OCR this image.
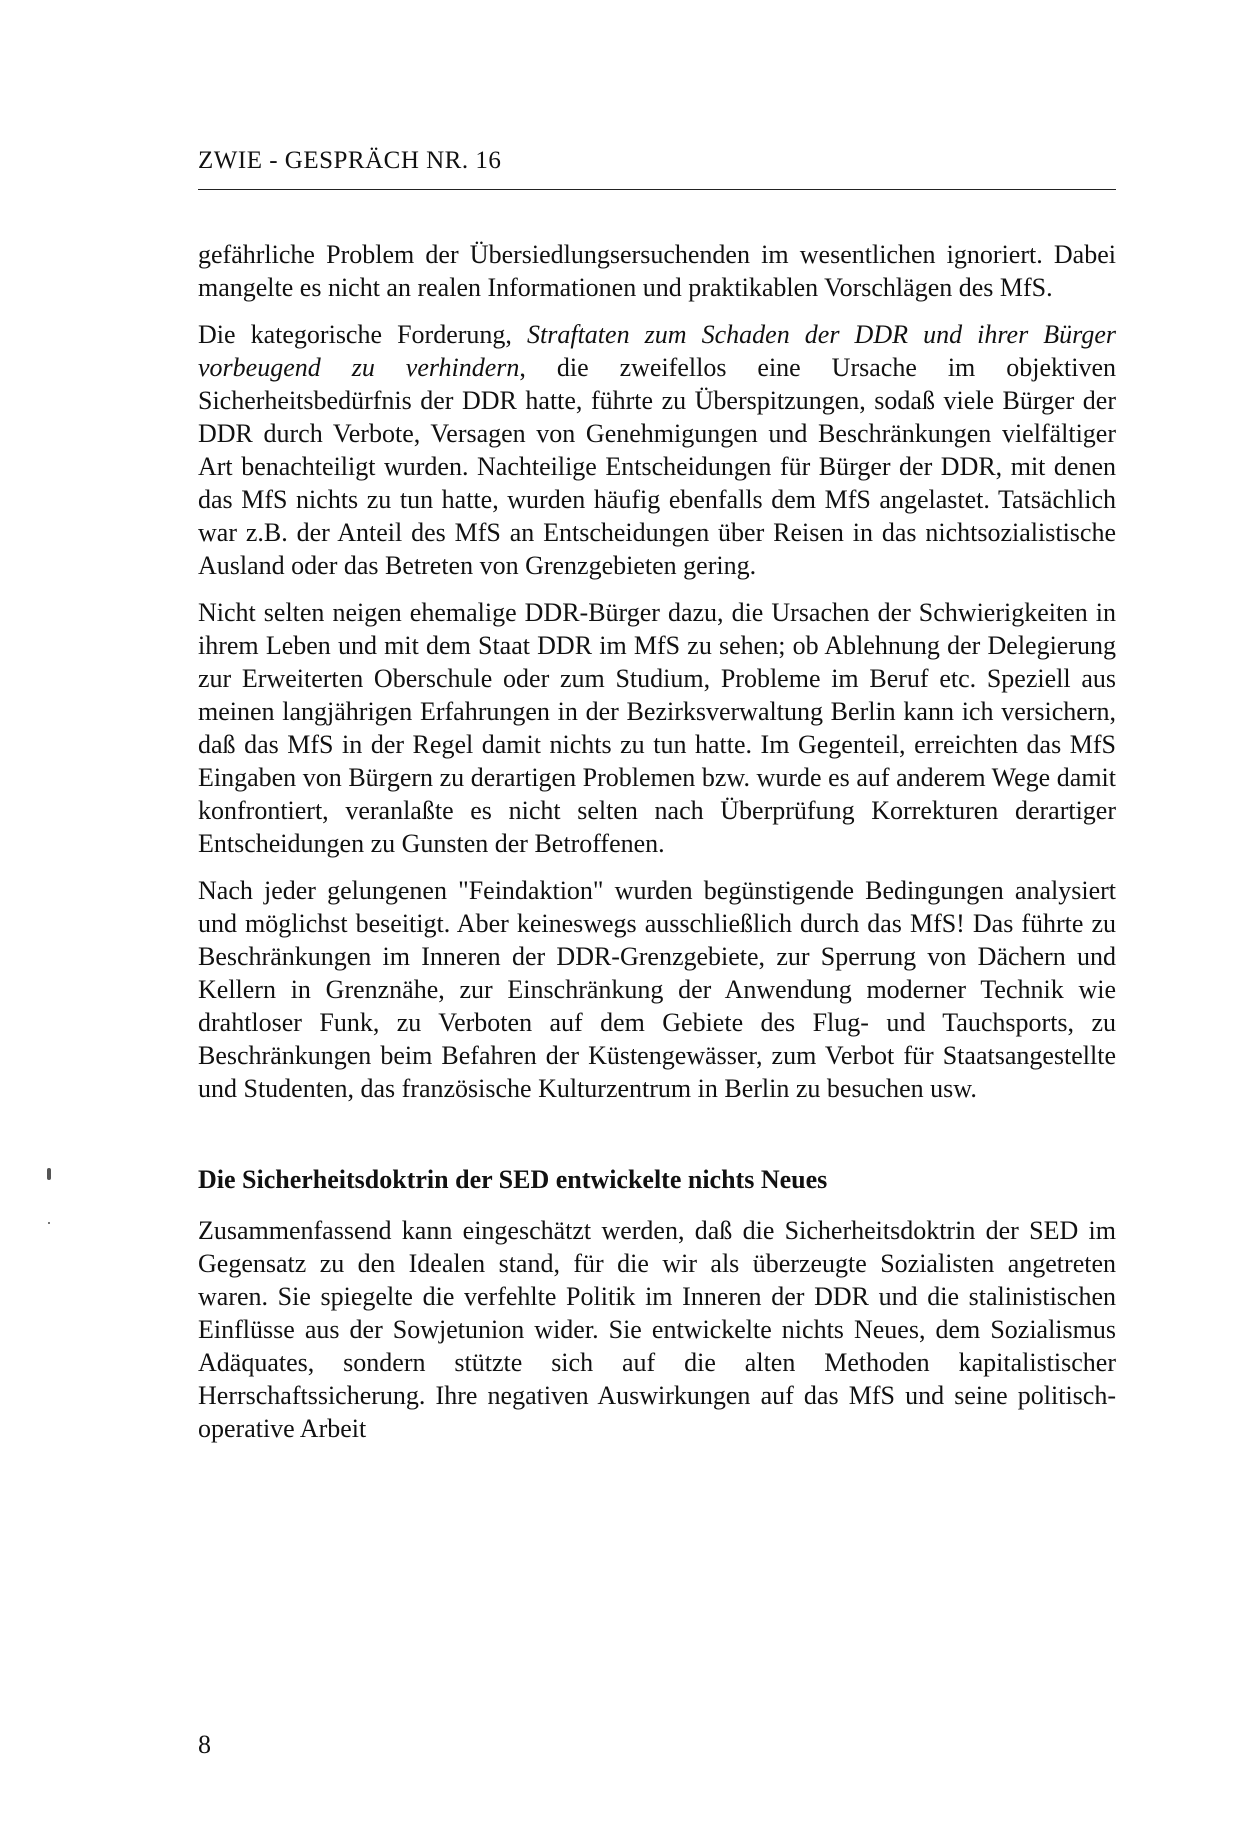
ZWIE - GESPRÄCH NR. 16

gefährliche Problem der Übersiedlungsersuchenden im wesentlichen ignoriert. Dabei mangelte es nicht an realen Informationen und praktikablen Vorschlägen des MfS.

Die kategorische Forderung, Straftaten zum Schaden der DDR und ihrer Bürger vorbeugend zu verhindern, die zweifellos eine Ursache im objektiven Sicherheitsbedürfnis der DDR hatte, führte zu Überspitzungen, sodaß viele Bürger der DDR durch Verbote, Versagen von Genehmigungen und Beschränkungen vielfältiger Art benachteiligt wurden. Nachteilige Entscheidungen für Bürger der DDR, mit denen das MfS nichts zu tun hatte, wurden häufig ebenfalls dem MfS angelastet. Tatsächlich war z.B. der Anteil des MfS an Entscheidungen über Reisen in das nichtsozialistische Ausland oder das Betreten von Grenzgebieten gering.

Nicht selten neigen ehemalige DDR-Bürger dazu, die Ursachen der Schwierigkeiten in ihrem Leben und mit dem Staat DDR im MfS zu sehen; ob Ablehnung der Delegierung zur Erweiterten Oberschule oder zum Studium, Probleme im Beruf etc. Speziell aus meinen langjährigen Erfahrungen in der Bezirksverwaltung Berlin kann ich versichern, daß das MfS in der Regel damit nichts zu tun hatte. Im Gegenteil, erreichten das MfS Eingaben von Bürgern zu derartigen Problemen bzw. wurde es auf anderem Wege damit konfrontiert, veranlaßte es nicht selten nach Überprüfung Korrekturen derartiger Entscheidungen zu Gunsten der Betroffenen.

Nach jeder gelungenen "Feindaktion" wurden begünstigende Bedingungen analysiert und möglichst beseitigt. Aber keineswegs ausschließlich durch das MfS! Das führte zu Beschränkungen im Inneren der DDR-Grenzgebiete, zur Sperrung von Dächern und Kellern in Grenznähe, zur Einschränkung der Anwendung moderner Technik wie drahtloser Funk, zu Verboten auf dem Gebiete des Flug- und Tauchsports, zu Beschränkungen beim Befahren der Küstengewässer, zum Verbot für Staatsangestellte und Studenten, das französische Kulturzentrum in Berlin zu besuchen usw.

Die Sicherheitsdoktrin der SED entwickelte nichts Neues

Zusammenfassend kann eingeschätzt werden, daß die Sicherheitsdoktrin der SED im Gegensatz zu den Idealen stand, für die wir als überzeugte Sozialisten angetreten waren. Sie spiegelte die verfehlte Politik im Inneren der DDR und die stalinistischen Einflüsse aus der Sowjetunion wider. Sie entwickelte nichts Neues, dem Sozialismus Adäquates, sondern stützte sich auf die alten Methoden kapitalistischer Herrschaftssicherung. Ihre negativen Auswirkungen auf das MfS und seine politisch-operative Arbeit

8
